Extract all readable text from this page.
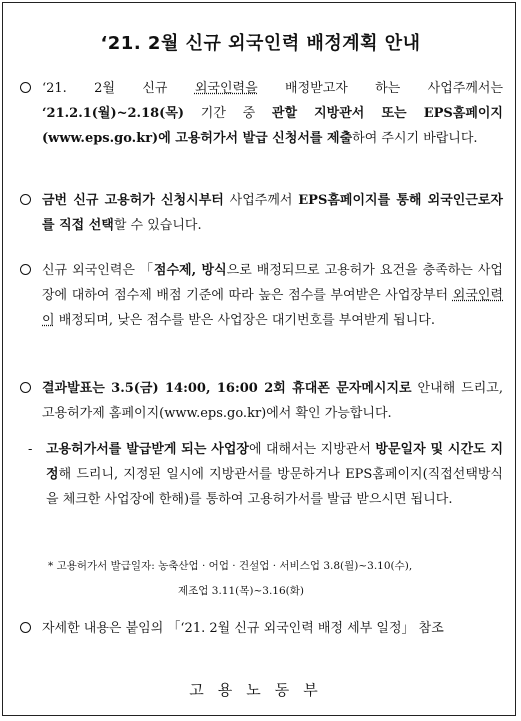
‘21. 2월 신규 외국인력 배정계획 안내
‘21. 2월 신규 외국인력을 배정받고자 하는 사업주께서는 ‘21.2.1(월)~2.18(목) 기간 중 관할 지방관서 또는 EPS홈페이지(www.eps.go.kr)에 고용허가서 발급 신청서를 제출하여 주시기 바랍니다.
금번 신규 고용허가 신청시부터 사업주께서 EPS홈페이지를 통해 외국인근로자를 직접 선택할 수 있습니다.
신규 외국인력은 「점수제, 방식으로 배정되므로 고용허가 요건을 충족하는 사업장에 대하여 점수제 배점 기준에 따라 높은 점수를 부여받은 사업장부터 외국인력이 배정되며, 낮은 점수를 받은 사업장은 대기번호를 부여받게 됩니다.
결과발표는 3.5(금) 14:00, 16:00 2회 휴대폰 문자메시지로 안내해 드리고, 고용허가제 홈페이지(www.eps.go.kr)에서 확인 가능합니다.
- 고용허가서를 발급받게 되는 사업장에 대해서는 지방관서 방문일자 및 시간도 지정해 드리니, 지정된 일시에 지방관서를 방문하거나 EPS홈페이지(직접선택방식을 체크한 사업장에 한해)를 통하여 고용허가서를 발급 받으시면 됩니다.
* 고용허가서 발급일자: 농축산업 · 어업 · 건설업 · 서비스업 3.8(월)~3.10(수),
제조업 3.11(목)~3.16(화)
자세한 내용은 붙임의 「‘21. 2월 신규 외국인력 배정 세부 일정」 참조
고용노동부
